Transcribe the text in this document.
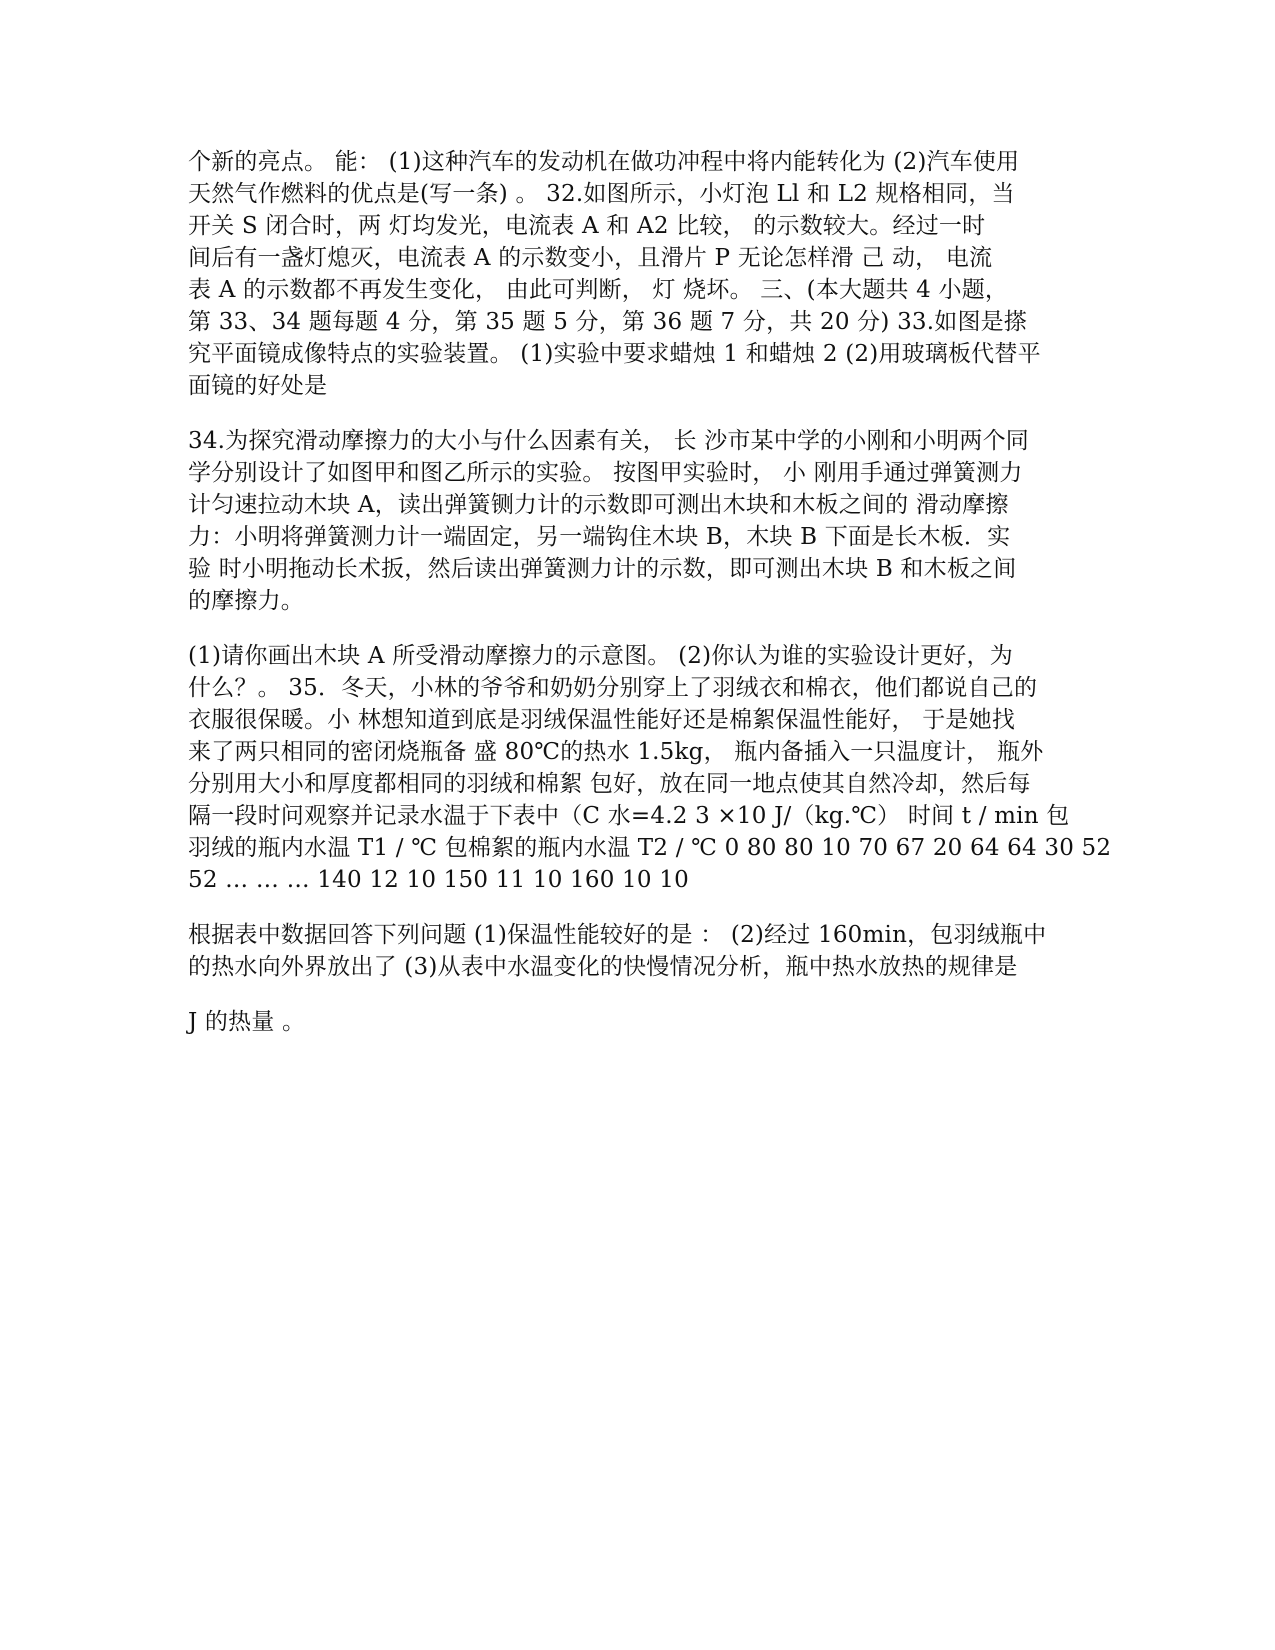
个新的亮点。 能： (1)这种汽车的发动机在做功冲程中将内能转化为 (2)汽车使用
天然气作燃料的优点是(写一条) 。 32.如图所示，小灯泡 Ll 和 L2 规格相同，当
开关 S 闭合时，两 灯均发光，电流表 A 和 A2 比较， 的示数较大。经过一时
间后有一盏灯熄灭，电流表 A 的示数变小，且滑片 P 无论怎样滑 己 动， 电流
表 A 的示数都不再发生变化， 由此可判断， 灯 烧坏。 三、(本大题共 4 小题，
第 33、34 题每题 4 分，第 35 题 5 分，第 36 题 7 分，共 20 分) 33.如图是搽
究平面镜成像特点的实验装置。 (1)实验中要求蜡烛 1 和蜡烛 2 (2)用玻璃板代替平
面镜的好处是
34.为探究滑动摩擦力的大小与什么因素有关， 长 沙市某中学的小刚和小明两个同
学分别设计了如图甲和图乙所示的实验。 按图甲实验时， 小 刚用手通过弹簧测力
计匀速拉动木块 A，读出弹簧铡力计的示数即可测出木块和木板之间的 滑动摩擦
力：小明将弹簧测力计一端固定，另一端钩住木块 B，木块 B 下面是长木板．实
验 时小明拖动长术扳，然后读出弹簧测力计的示数，即可测出木块 B 和木板之间
的摩擦力。
(1)请你画出木块 A 所受滑动摩擦力的示意图。 (2)你认为谁的实验设计更好，为
什么？。 35．冬天，小林的爷爷和奶奶分别穿上了羽绒衣和棉衣，他们都说自己的
衣服很保暖。小 林想知道到底是羽绒保温性能好还是棉絮保温性能好， 于是她找
来了两只相同的密闭烧瓶备 盛 80℃的热水 1.5kg， 瓶内备插入一只温度计， 瓶外
分别用大小和厚度都相同的羽绒和棉絮 包好，放在同一地点使其自然冷却，然后每
隔一段时问观察并记录水温于下表中（C 水=4.2 3 ×10 J/（kg.℃） 时间 t / min 包
羽绒的瓶内水温 T1 / ℃ 包棉絮的瓶内水温 T2 / ℃ 0 80 80 10 70 67 20 64 64 30 52
52 … … … 140 12 10 150 11 10 160 10 10
根据表中数据回答下列问题 (1)保温性能较好的是 ： (2)经过 160min，包羽绒瓶中
的热水向外界放出了 (3)从表中水温变化的快慢情况分析，瓶中热水放热的规律是
J 的热量 。
